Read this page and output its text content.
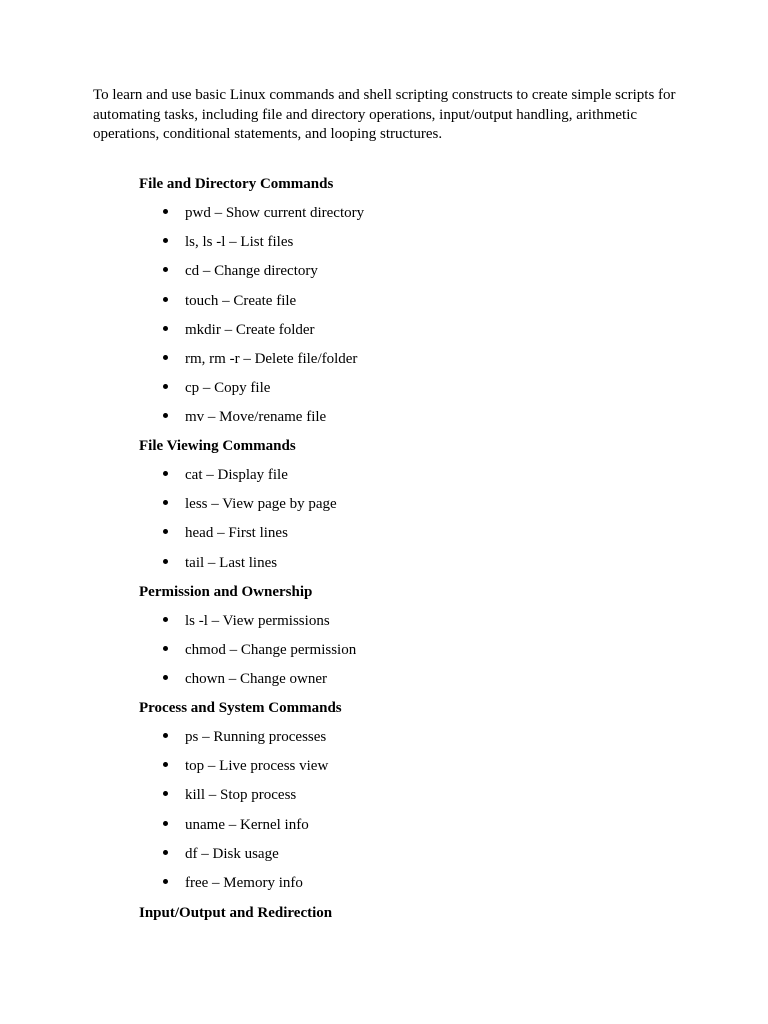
To learn and use basic Linux commands and shell scripting constructs to create simple scripts for automating tasks, including file and directory operations, input/output handling, arithmetic operations, conditional statements, and looping structures.

File and Directory Commands
pwd – Show current directory
ls, ls -l – List files
cd – Change directory
touch – Create file
mkdir – Create folder
rm, rm -r – Delete file/folder
cp – Copy file
mv – Move/rename file
File Viewing Commands
cat – Display file
less – View page by page
head – First lines
tail – Last lines
Permission and Ownership
ls -l – View permissions
chmod – Change permission
chown – Change owner
Process and System Commands
ps – Running processes
top – Live process view
kill – Stop process
uname – Kernel info
df – Disk usage
free – Memory info
Input/Output and Redirection
